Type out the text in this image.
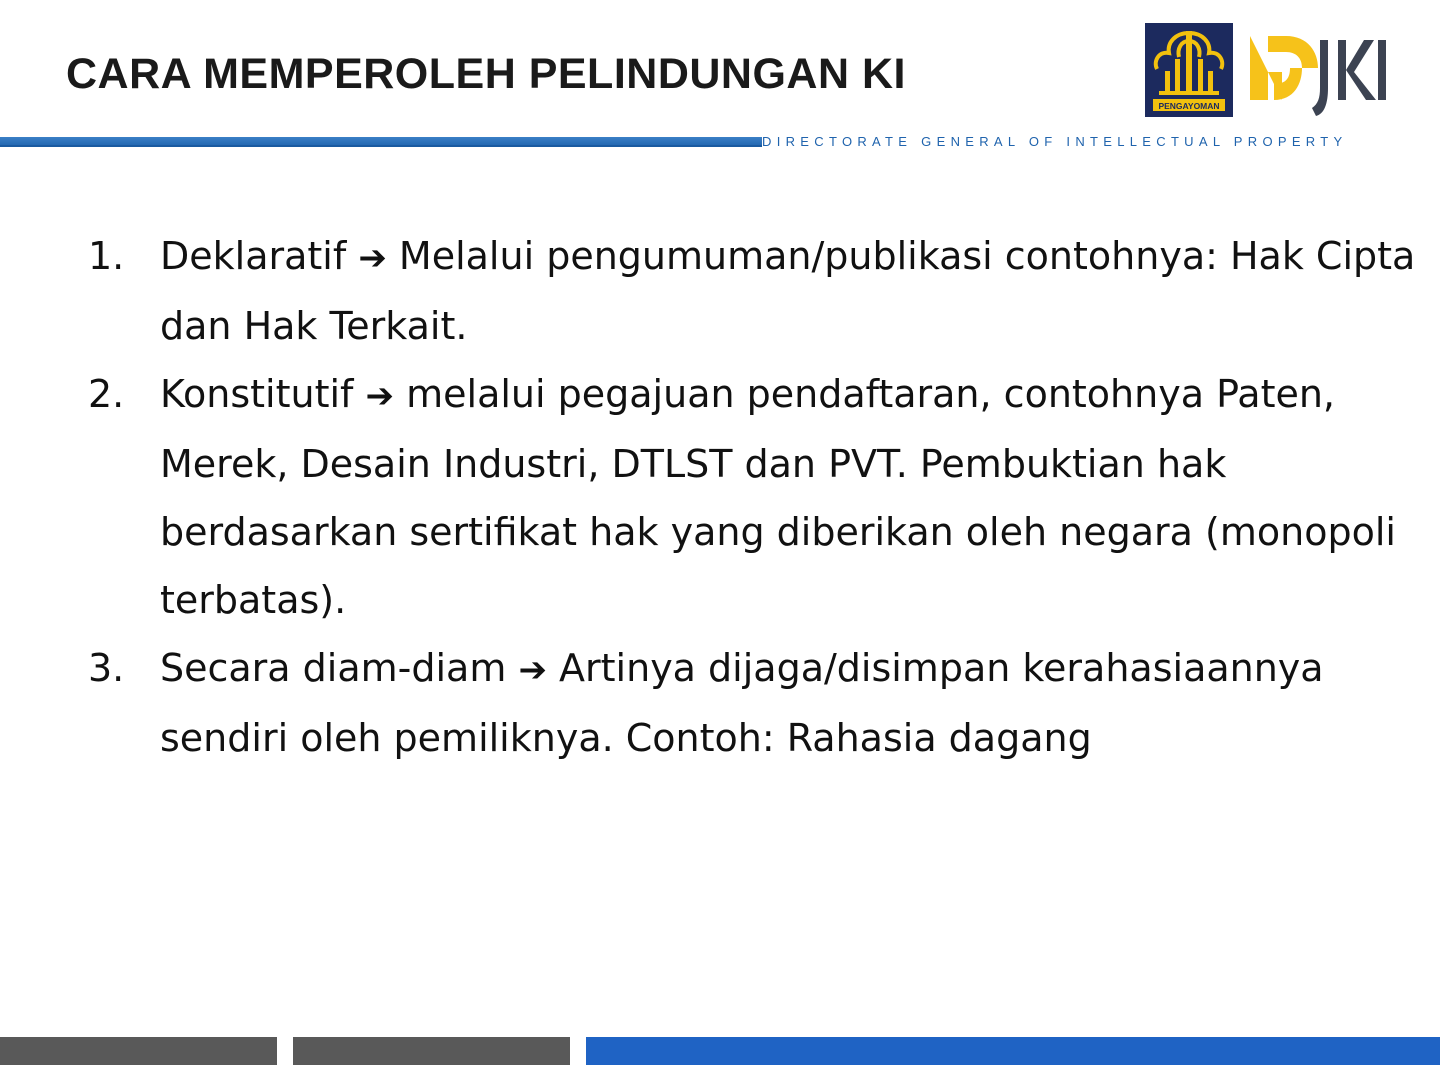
CARA MEMPEROLEH PELINDUNGAN KI
PENGAYOMAN
DIRECTORATE GENERAL OF INTELLECTUAL PROPERTY
1. Deklaratif ➔ Melalui pengumuman/publikasi contohnya: Hak Cipta dan Hak Terkait.
2. Konstitutif ➔ melalui pegajuan pendaftaran, contohnya Paten, Merek, Desain Industri, DTLST dan PVT. Pembuktian hak berdasarkan sertifikat hak yang diberikan oleh negara (monopoli terbatas).
3. Secara diam-diam ➔ Artinya dijaga/disimpan kerahasiaannya sendiri oleh pemiliknya. Contoh: Rahasia dagang
